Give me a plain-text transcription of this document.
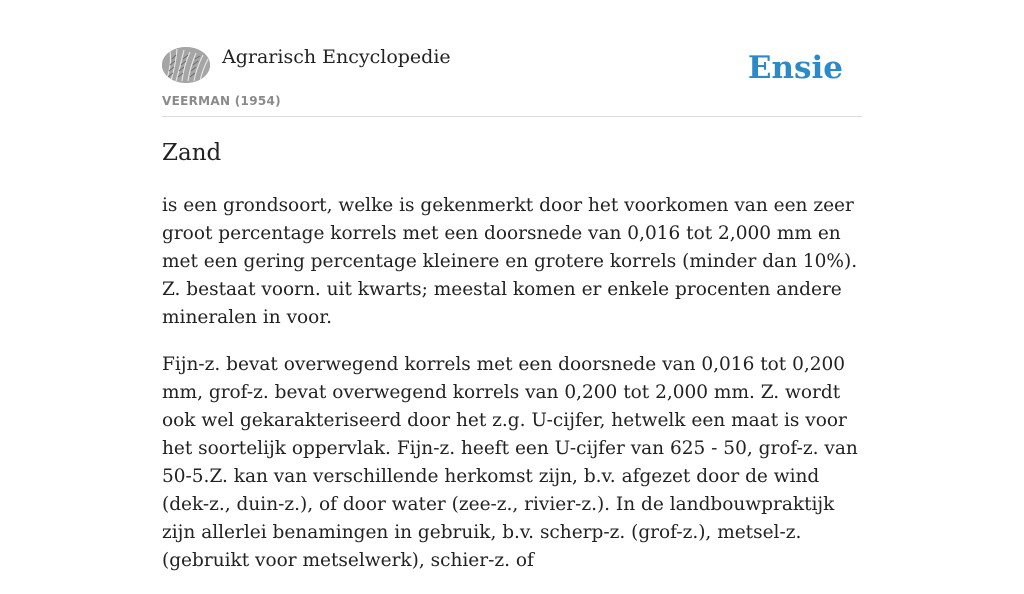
Agrarisch Encyclopedie
VEERMAN (1954)
Ensie
Zand

is een grondsoort, welke is gekenmerkt door het voorkomen van een zeer groot percentage korrels met een doorsnede van 0,016 tot 2,000 mm en met een gering percentage kleinere en grotere korrels (minder dan 10%). Z. bestaat voorn. uit kwarts; meestal komen er enkele procenten andere mineralen in voor.

Fijn-z. bevat overwegend korrels met een doorsnede van 0,016 tot 0,200 mm, grof-z. bevat overwegend korrels van 0,200 tot 2,000 mm. Z. wordt ook wel gekarakteriseerd door het z.g. U-cijfer, hetwelk een maat is voor het soortelijk oppervlak. Fijn-z. heeft een U-cijfer van 625 - 50, grof-z. van 50-5.Z. kan van verschillende herkomst zijn, b.v. afgezet door de wind (dek-z., duin-z.), of door water (zee-z., rivier-z.). In de landbouwpraktijk zijn allerlei benamingen in gebruik, b.v. scherp-z. (grof-z.), metsel-z. (gebruikt voor metselwerk), schier-z. of
